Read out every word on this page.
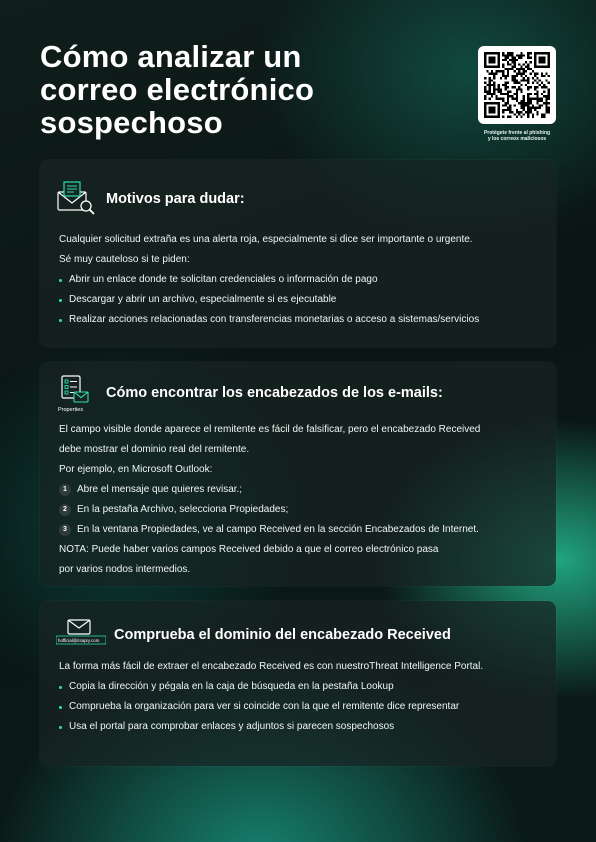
Cómo analizar un
correo electrónico
sospechoso	Protégete frente al phishing
y los correos maliciosos
Motivos para dudar:

Cualquier solicitud extraña es una alerta roja, especialmente si dice ser importante o urgente.

Sé muy cauteloso si te piden:

Abrir un enlace donde te solicitan credenciales o información de pago
Descargar y abrir un archivo, especialmente si es ejecutable
Realizar acciones relacionadas con transferencias monetarias o acceso a sistemas/servicios
Properties
Cómo encontrar los encabezados de los e-mails:

El campo visible donde aparece el remitente es fácil de falsificar, pero el encabezado Received

debe mostrar el dominio real del remitente.

Por ejemplo, en Microsoft Outlook:

1	Abre el mensaje que quieres revisar.;
2	En la pestaña Archivo, selecciona Propiedades;
3	En la ventana Propiedades, ve al campo Received en la sección Encabezados de Internet.

NOTA: Puede haber varios campos Received debido a que el correo electrónico pasa

por varios nodos intermedios.

hofficial@itsapry.com Comprueba el dominio del encabezado Received

La forma más fácil de extraer el encabezado Received es con nuestroThreat Intelligence Portal.

Copia la dirección y pégala en la caja de búsqueda en la pestaña Lookup
Comprueba la organización para ver si coincide con la que el remitente dice representar
Usa el portal para comprobar enlaces y adjuntos si parecen sospechosos
